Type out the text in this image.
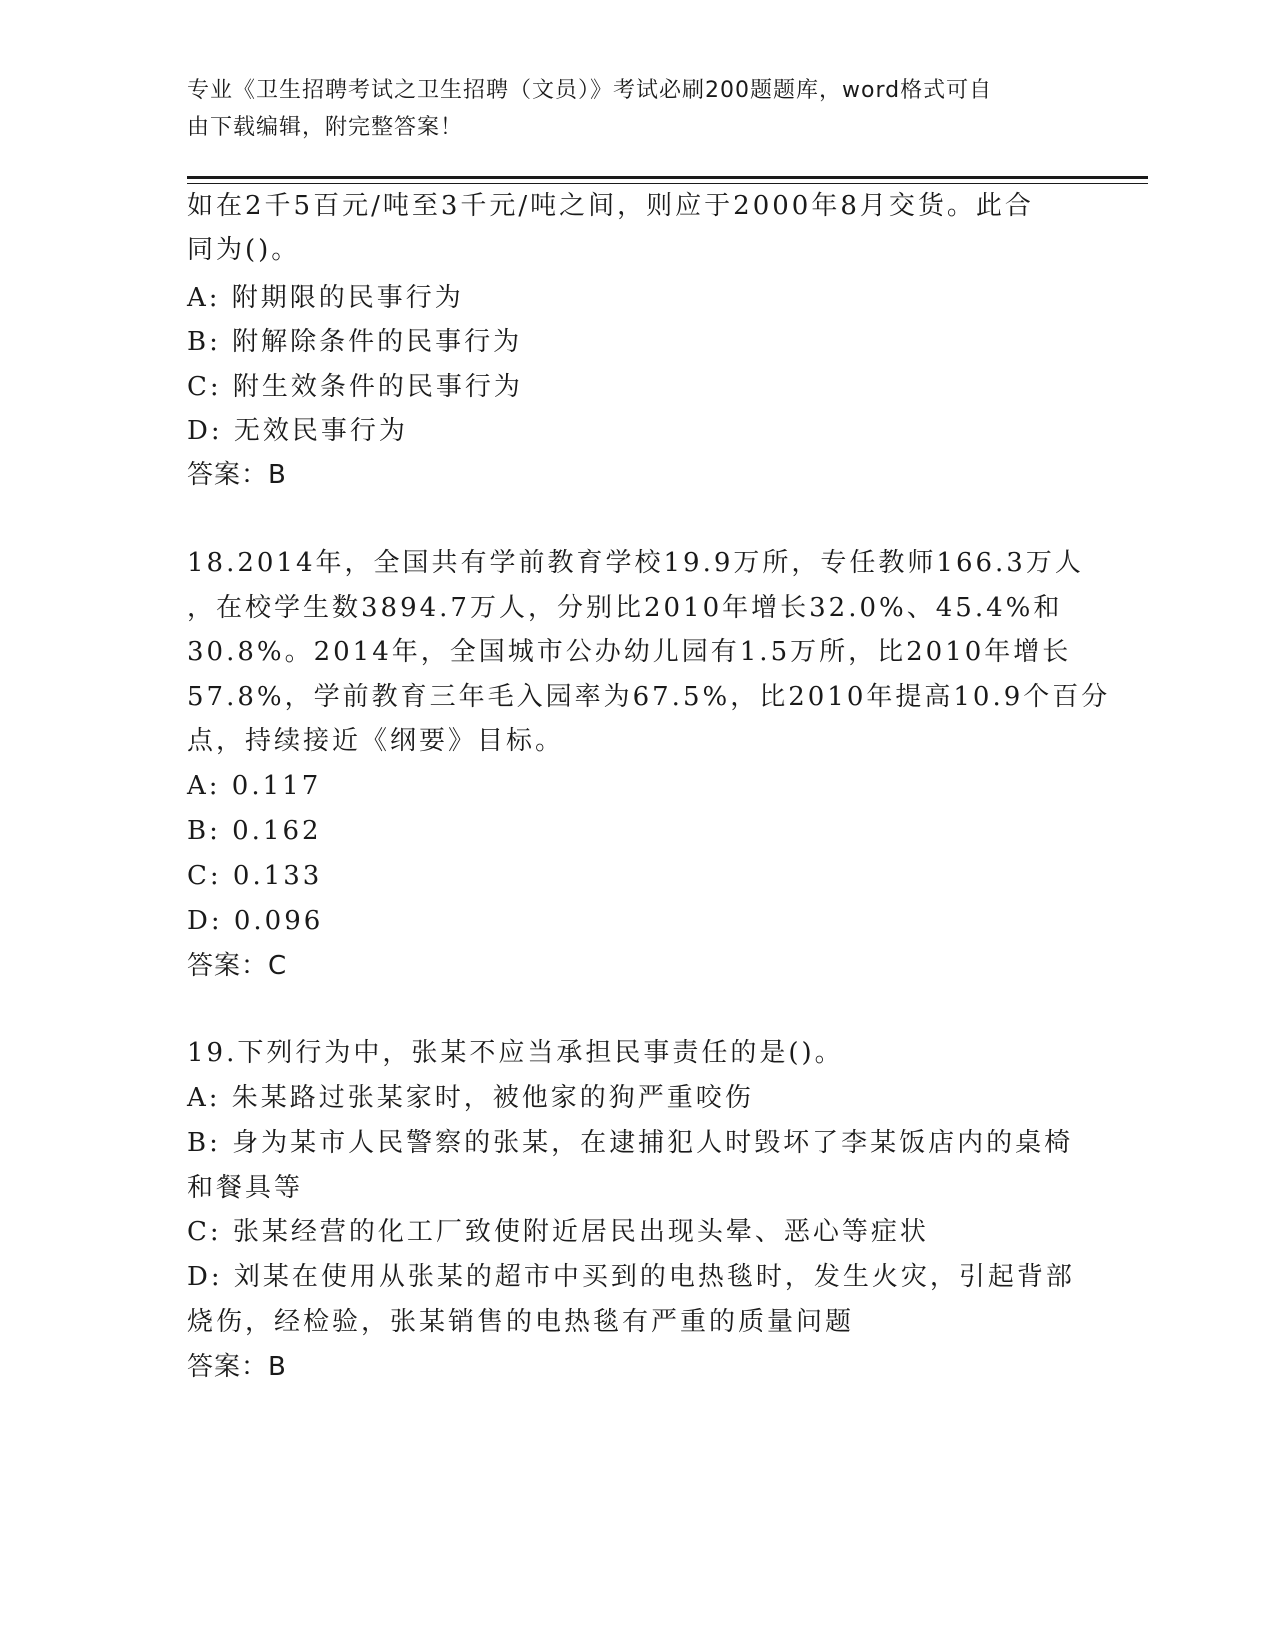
专业《卫生招聘考试之卫生招聘（文员）》考试必刷200题题库，word格式可自
由下载编辑，附完整答案！
如在2千5百元/吨至3千元/吨之间，则应于2000年8月交货。此合
同为()。
A: 附期限的民事行为
B: 附解除条件的民事行为
C: 附生效条件的民事行为
D: 无效民事行为
答案：B
18.2014年，全国共有学前教育学校19.9万所，专任教师166.3万人
，在校学生数3894.7万人，分别比2010年增长32.0%、45.4%和
30.8%。2014年，全国城市公办幼儿园有1.5万所，比2010年增长
57.8%，学前教育三年毛入园率为67.5%，比2010年提高10.9个百分
点，持续接近《纲要》目标。
A: 0.117
B: 0.162
C: 0.133
D: 0.096
答案：C
19.下列行为中，张某不应当承担民事责任的是()。
A: 朱某路过张某家时，被他家的狗严重咬伤
B: 身为某市人民警察的张某，在逮捕犯人时毁坏了李某饭店内的桌椅
和餐具等
C: 张某经营的化工厂致使附近居民出现头晕、恶心等症状
D: 刘某在使用从张某的超市中买到的电热毯时，发生火灾，引起背部
烧伤，经检验，张某销售的电热毯有严重的质量问题
答案：B
